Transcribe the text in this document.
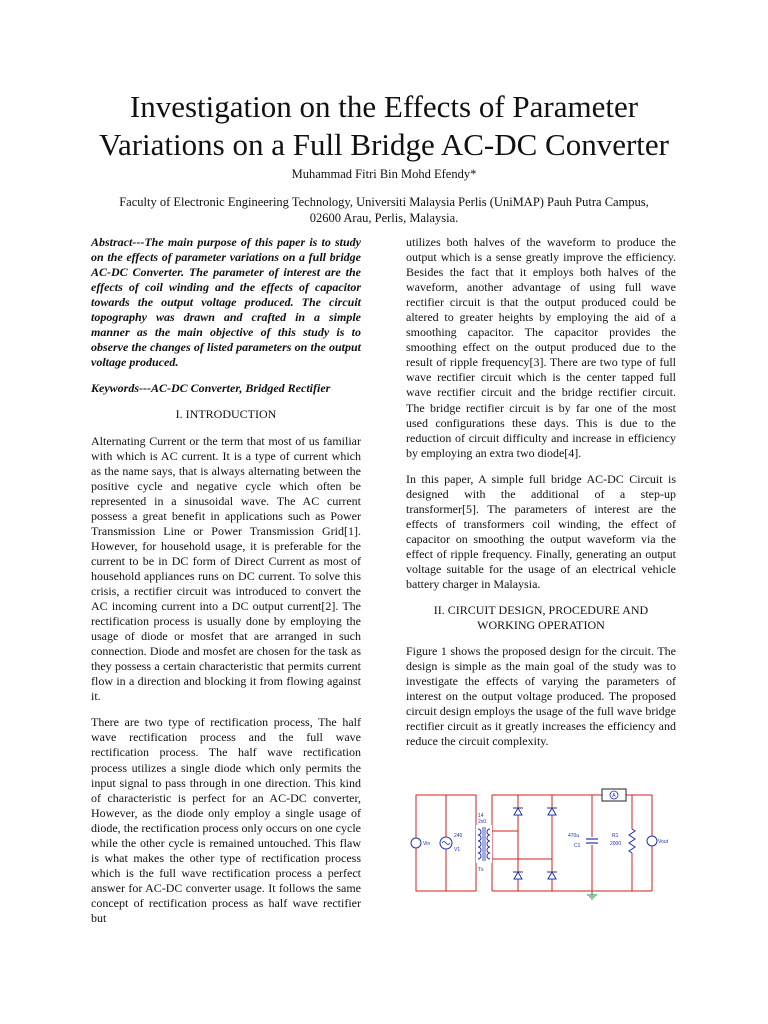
Investigation on the Effects of Parameter
Variations on a Full Bridge AC-DC Converter
Muhammad Fitri Bin Mohd Efendy*
Faculty of Electronic Engineering Technology, Universiti Malaysia Perlis (UniMAP) Pauh Putra Campus,
02600 Arau, Perlis, Malaysia.

Abstract---The main purpose of this paper is to study on the effects of parameter variations on a full bridge AC-DC Converter. The parameter of interest are the effects of coil winding and the effects of capacitor towards the output voltage produced. The circuit topography was drawn and crafted in a simple manner as the main objective of this study is to observe the changes of listed parameters on the output voltage produced.

Keywords---AC-DC Converter, Bridged Rectifier

I. INTRODUCTION

Alternating Current or the term that most of us familiar with which is AC current. It is a type of current which as the name says, that is always alternating between the positive cycle and negative cycle which often be represented in a sinusoidal wave. The AC current possess a great benefit in applications such as Power Transmission Line or Power Transmission Grid[1]. However, for household usage, it is preferable for the current to be in DC form of Direct Current as most of household appliances runs on DC current. To solve this crisis, a rectifier circuit was introduced to convert the AC incoming current into a DC output current[2]. The rectification process is usually done by employing the usage of diode or mosfet that are arranged in such connection. Diode and mosfet are chosen for the task as they possess a certain characteristic that permits current flow in a direction and blocking it from flowing against it.

There are two type of rectification process, The half wave rectification process and the full wave rectification process. The half wave rectification process utilizes a single diode which only permits the input signal to pass through in one direction. This kind of characteristic is perfect for an AC-DC converter, However, as the diode only employ a single usage of diode, the rectification process only occurs on one cycle while the other cycle is remained untouched. This flaw is what makes the other type of rectification process which is the full wave rectification process a perfect answer for AC-DC converter usage. It follows the same concept of rectification process as half wave rectifier but

utilizes both halves of the waveform to produce the output which is a sense greatly improve the efficiency. Besides the fact that it employs both halves of the waveform, another advantage of using full wave rectifier circuit is that the output produced could be altered to greater heights by employing the aid of a smoothing capacitor. The capacitor provides the smoothing effect on the output produced due to the result of ripple frequency[3]. There are two type of full wave rectifier circuit which is the center tapped full wave rectifier circuit and the bridge rectifier circuit. The bridge rectifier circuit is by far one of the most used configurations these days. This is due to the reduction of circuit difficulty and increase in efficiency by employing an extra two diode[4].

In this paper, A simple full bridge AC-DC Circuit is designed with the additional of a step-up transformer[5]. The parameters of interest are the effects of transformers coil winding, the effect of capacitor on smoothing the output waveform via the effect of ripple frequency. Finally, generating an output voltage suitable for the usage of an electrical vehicle battery charger in Malaysia.

II. CIRCUIT DESIGN, PROCEDURE AND
WORKING OPERATION

Figure 1 shows the proposed design for the circuit. The design is simple as the main goal of the study was to investigate the effects of varying the parameters of interest on the output voltage produced. The proposed circuit design employs the usage of the full wave bridge rectifier circuit as it greatly increases the efficiency and reduce the circuit complexity.

Vin
240
V1
14
2x0
Tx
A
470u
C1
R1
2000	Vout
